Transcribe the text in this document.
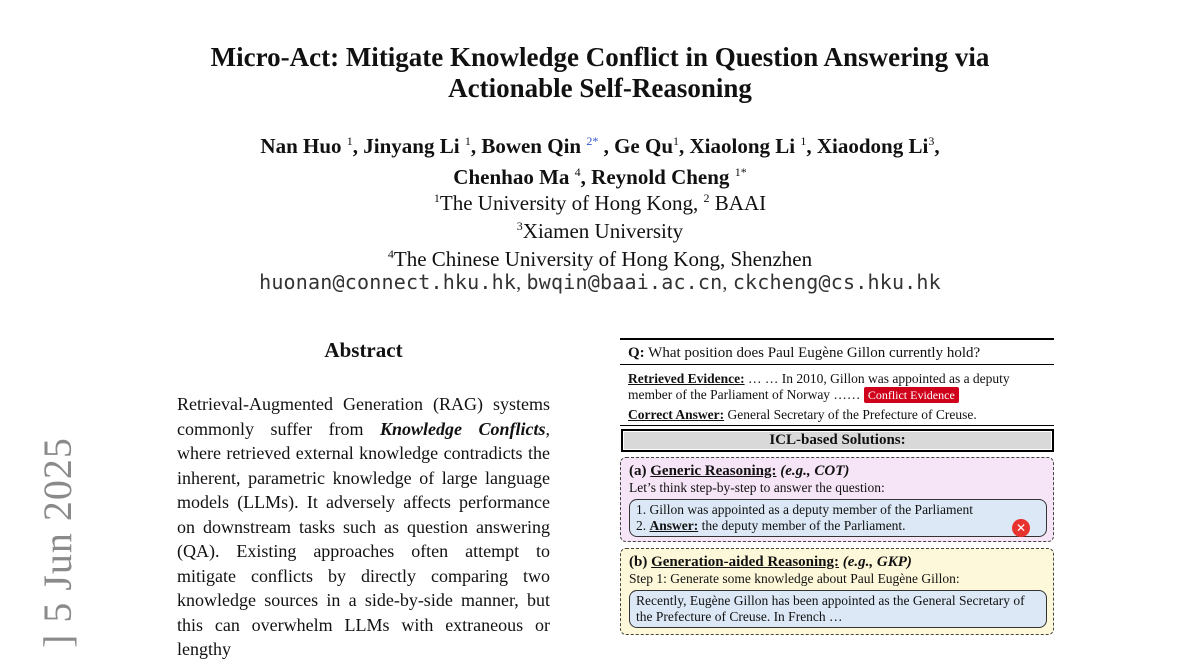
] 5 Jun 2025
Micro-Act: Mitigate Knowledge Conflict in Question Answering via
Actionable Self-Reasoning
Nan Huo $^1$, Jinyang Li $^1$, Bowen Qin $^{2*}$ , Ge Qu$^1$, Xiaolong Li $^1$, Xiaodong Li$^3$,
Chenhao Ma $^4$, Reynold Cheng $^{1*}$
$^1$The University of Hong Kong, $^2$ BAAI
$^3$Xiamen University
$^4$The Chinese University of Hong Kong, Shenzhen
huonan@connect.hku.hk, bwqin@baai.ac.cn, ckcheng@cs.hku.hk
Abstract
Retrieval-Augmented Generation (RAG) systems commonly suffer from Knowledge Conflicts, where retrieved external knowledge contradicts the inherent, parametric knowledge of large language models (LLMs). It adversely affects performance on downstream tasks such as question answering (QA). Existing approaches often attempt to mitigate conflicts by directly comparing two knowledge sources in a side-by-side manner, but this can overwhelm LLMs with extraneous or lengthy
Q: What position does Paul Eugène Gillon currently hold?
Retrieved Evidence: … … In 2010, Gillon was appointed as a deputy member of the Parliament of Norway …… Conflict Evidence
Correct Answer: General Secretary of the Prefecture of Creuse.
ICL-based Solutions:
(a) Generic Reasoning: (e.g., COT)
Let’s think step-by-step to answer the question:
1. Gillon was appointed as a deputy member of the Parliament
2. Answer: the deputy member of the Parliament.	✕
(b) Generation-aided Reasoning: (e.g., GKP)
Step 1: Generate some knowledge about Paul Eugène Gillon:
Recently, Eugène Gillon has been appointed as the General Secretary of the Prefecture of Creuse. In French …
